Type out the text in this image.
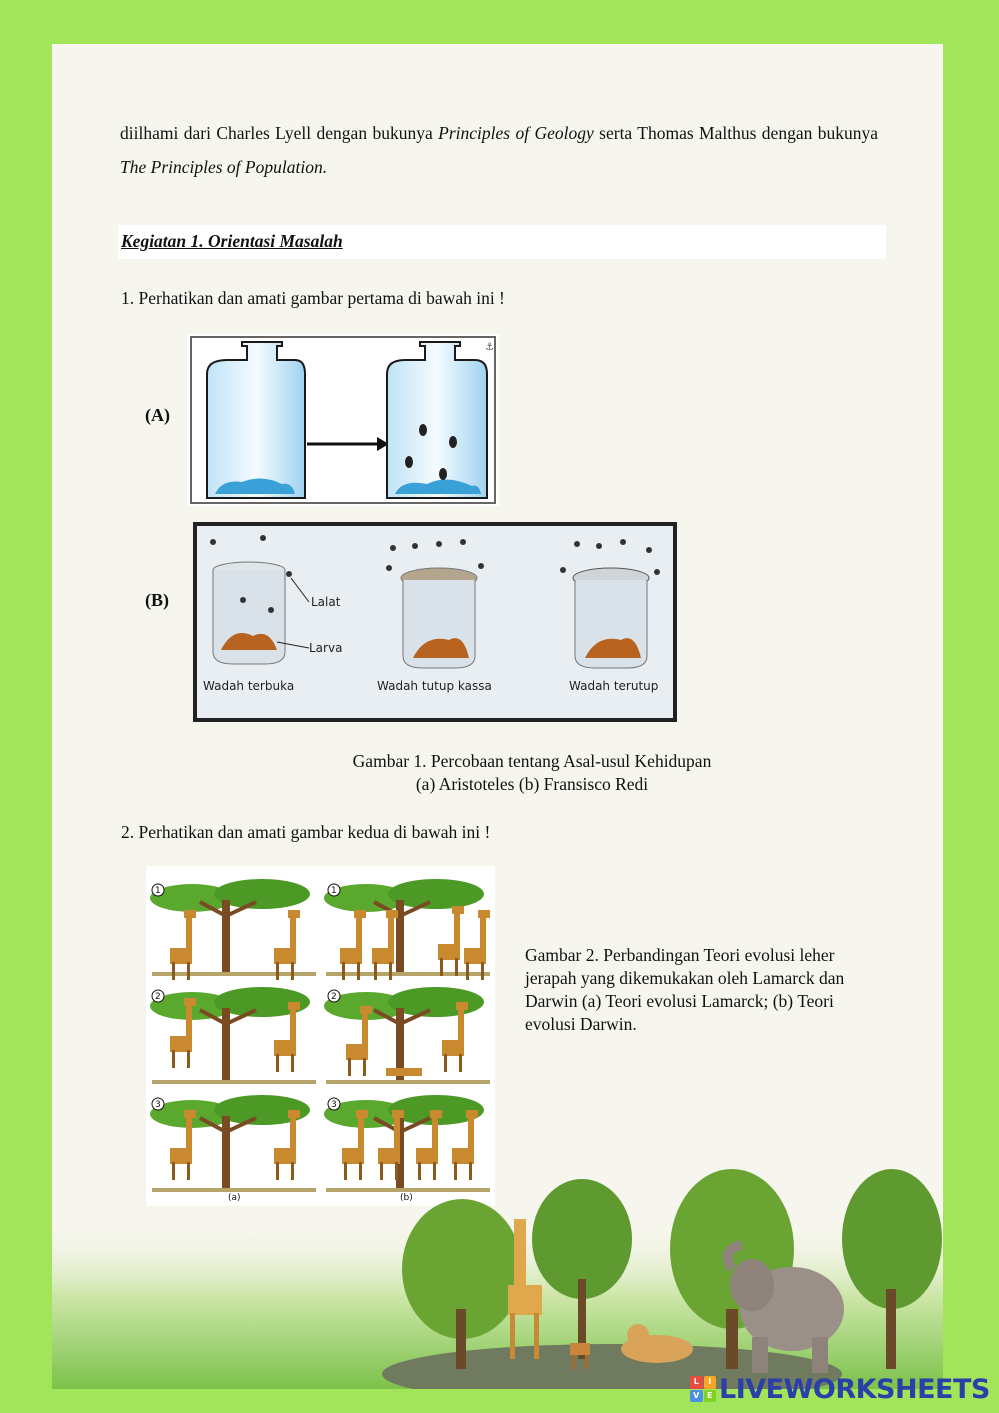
diilhami dari Charles Lyell dengan bukunya Principles of Geology serta Thomas Malthus dengan bukunya The Principles of Population.
Kegiatan 1. Orientasi Masalah
1. Perhatikan dan amati gambar pertama di bawah ini !
(A)
(B)
⚓
Lalat
Larva
Wadah terbuka	Wadah tutup kassa	Wadah terutup
Gambar 1. Percobaan tentang Asal-usul Kehidupan
(a) Aristoteles (b) Fransisco Redi
2. Perhatikan dan amati gambar kedua di bawah ini !
1
2
3
1
2
3
(a)	(b)
Gambar 2. Perbandingan Teori evolusi leher jerapah yang dikemukakan oleh Lamarck dan Darwin (a) Teori evolusi Lamarck; (b) Teori evolusi Darwin.
L	I
V E LIVEWORKSHEETS
